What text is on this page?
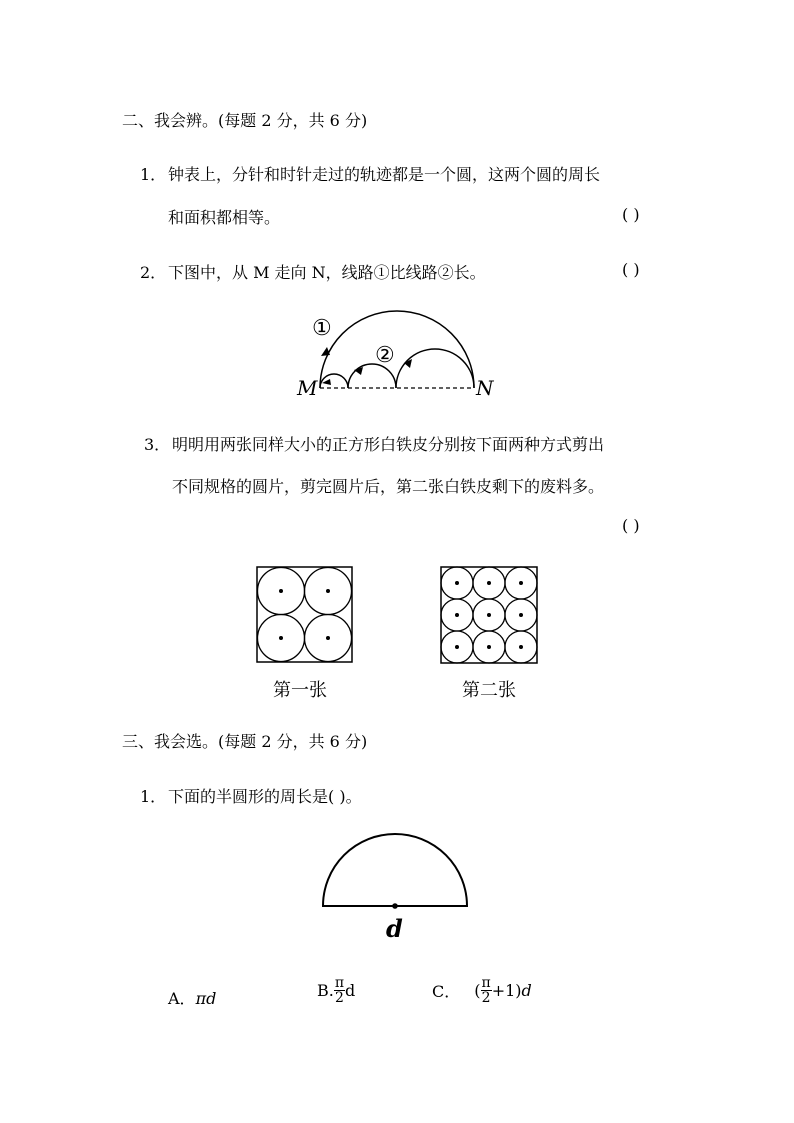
二、我会辨。(每题 2 分，共 6 分)
1． 钟表上，分针和时针走过的轨迹都是一个圆，这两个圆的周长
和面积都相等。	( )
2． 下图中，从 M 走向 N，线路①比线路②长。	( )
①
②
M	N
d
3． 明明用两张同样大小的正方形白铁皮分别按下面两种方式剪出
不同规格的圆片，剪完圆片后，第二张白铁皮剩下的废料多。
( )
第一张	第二张
三、我会选。(每题 2 分，共 6 分)
1． 下面的半圆形的周长是( )。
A．πd	B. $\frac{\pi}{2}$ d	C． ( $\frac{\pi}{2} +1)d$
